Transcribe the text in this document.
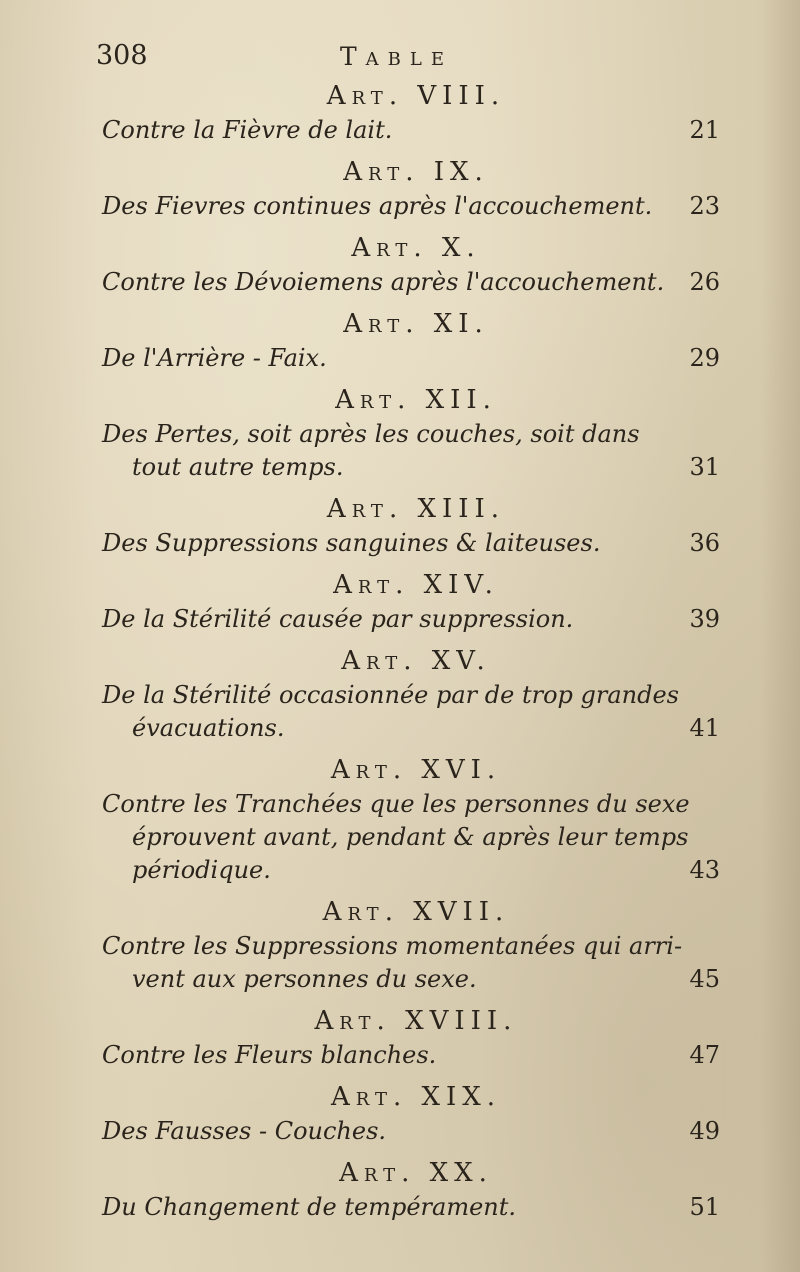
308	Table
Art. VIII.
Contre la Fièvre de lait.	21
Art. IX.
Des Fievres continues après l'accouchement.	23
Art. X.
Contre les Dévoiemens après l'accouchement.	26
Art. XI.
De l'Arrière - Faix.	29
Art. XII.
Des Pertes, soit après les couches, soit dans
tout autre temps.	31
Art. XIII.
Des Suppressions sanguines & laiteuses.	36
Art. XIV.
De la Stérilité causée par suppression.	39
Art. XV.
De la Stérilité occasionnée par de trop grandes
évacuations.	41
Art. XVI.
Contre les Tranchées que les personnes du sexe
éprouvent avant, pendant & après leur temps
périodique.	43
Art. XVII.
Contre les Suppressions momentanées qui arri-
vent aux personnes du sexe.	45
Art. XVIII.
Contre les Fleurs blanches.	47
Art. XIX.
Des Fausses - Couches.	49
Art. XX.
Du Changement de tempérament.	51
